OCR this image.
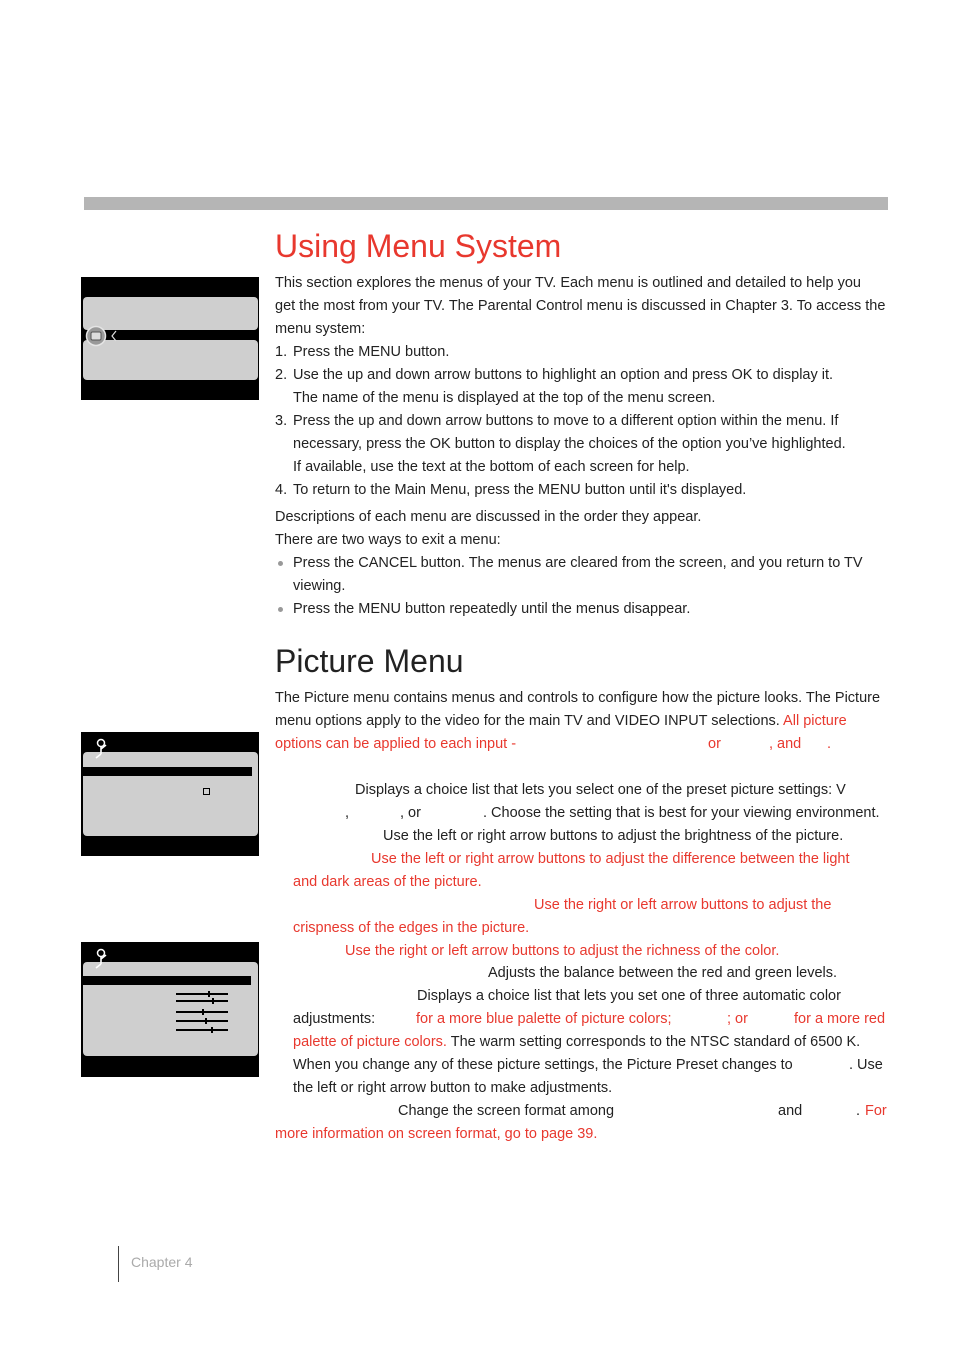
Using Menu System
This section explores the menus of your TV. Each menu is outlined and detailed to help you
get the most from your TV. The Parental Control menu is discussed in Chapter 3. To access the
menu system:
1. Press the MENU button.
2. Use the up and down arrow buttons to highlight an option and press OK to display it.
The name of the menu is displayed at the top of the menu screen.
3. Press the up and down arrow buttons to move to a different option within the menu. If
necessary, press the OK button to display the choices of the option you’ve highlighted.
If available, use the text at the bottom of each screen for help.
4. To return to the Main Menu, press the MENU button until it's displayed.
Descriptions of each menu are discussed in the order they appear.
There are two ways to exit a menu:
Press the CANCEL button. The menus are cleared from the screen, and you return to TV
viewing.
Press the MENU button repeatedly until the menus disappear.
Picture Menu
The Picture menu contains menus and controls to configure how the picture looks. The Picture
menu options apply to the video for the main TV and VIDEO INPUT selections. All picture
options can be applied to each input -	or	, and .
Displays a choice list that lets you select one of the preset picture settings: V
,	, or	. Choose the setting that is best for your viewing environment.
Use the left or right arrow buttons to adjust the brightness of the picture.
Use the left or right arrow buttons to adjust the difference between the light
and dark areas of the picture.
Use the right or left arrow buttons to adjust the
crispness of the edges in the picture.
Use the right or left arrow buttons to adjust the richness of the color.
Adjusts the balance between the red and green levels.
Displays a choice list that lets you set one of three automatic color
adjustments:	for a more blue palette of picture colors;	; or	for a more red
palette of picture colors. The warm setting corresponds to the NTSC standard of 6500 K.
When you change any of these picture settings, the Picture Preset changes to	. Use
the left or right arrow button to make adjustments.
Change the screen format among	and	. For
more information on screen format, go to page 39.
Chapter 4
